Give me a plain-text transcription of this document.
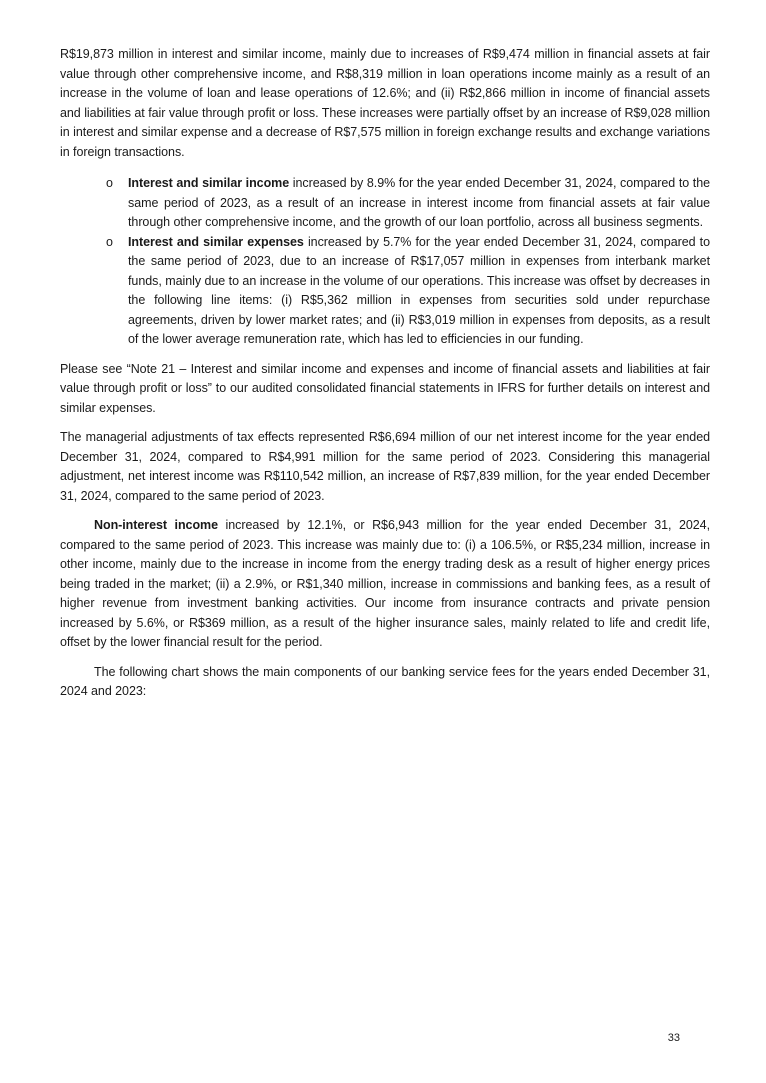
R$19,873 million in interest and similar income, mainly due to increases of R$9,474 million in financial assets at fair value through other comprehensive income, and R$8,319 million in loan operations income mainly as a result of an increase in the volume of loan and lease operations of 12.6%; and (ii) R$2,866 million in income of financial assets and liabilities at fair value through profit or loss. These increases were partially offset by an increase of R$9,028 million in interest and similar expense and a decrease of R$7,575 million in foreign exchange results and exchange variations in foreign transactions.

o Interest and similar income increased by 8.9% for the year ended December 31, 2024, compared to the same period of 2023, as a result of an increase in interest income from financial assets at fair value through other comprehensive income, and the growth of our loan portfolio, across all business segments.

o Interest and similar expenses increased by 5.7% for the year ended December 31, 2024, compared to the same period of 2023, due to an increase of R$17,057 million in expenses from interbank market funds, mainly due to an increase in the volume of our operations. This increase was offset by decreases in the following line items: (i) R$5,362 million in expenses from securities sold under repurchase agreements, driven by lower market rates; and (ii) R$3,019 million in expenses from deposits, as a result of the lower average remuneration rate, which has led to efficiencies in our funding.

Please see “Note 21 – Interest and similar income and expenses and income of financial assets and liabilities at fair value through profit or loss” to our audited consolidated financial statements in IFRS for further details on interest and similar expenses.

The managerial adjustments of tax effects represented R$6,694 million of our net interest income for the year ended December 31, 2024, compared to R$4,991 million for the same period of 2023. Considering this managerial adjustment, net interest income was R$110,542 million, an increase of R$7,839 million, for the year ended December 31, 2024, compared to the same period of 2023.

Non-interest income increased by 12.1%, or R$6,943 million for the year ended December 31, 2024, compared to the same period of 2023. This increase was mainly due to: (i) a 106.5%, or R$5,234 million, increase in other income, mainly due to the increase in income from the energy trading desk as a result of higher energy prices being traded in the market; (ii) a 2.9%, or R$1,340 million, increase in commissions and banking fees, as a result of higher revenue from investment banking activities. Our income from insurance contracts and private pension increased by 5.6%, or R$369 million, as a result of the higher insurance sales, mainly related to life and credit life, offset by the lower financial result for the period.

The following chart shows the main components of our banking service fees for the years ended December 31, 2024 and 2023:

33
